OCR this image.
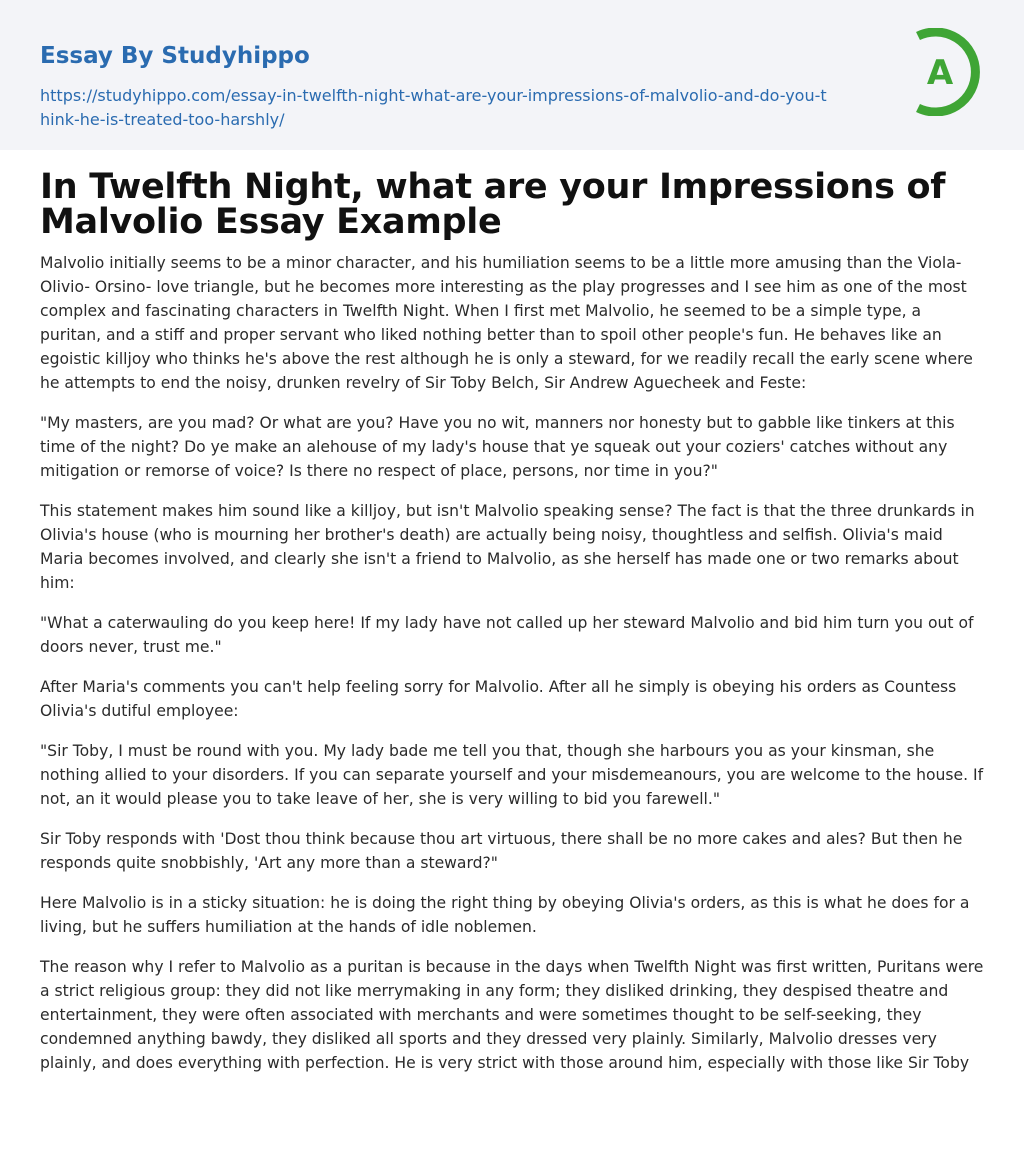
Essay By Studyhippo
https://studyhippo.com/essay-in-twelfth-night-what-are-your-impressions-of-malvolio-and-do-you-think-he-is-treated-too-harshly/
A
In Twelfth Night, what are your Impressions of Malvolio Essay Example

Malvolio initially seems to be a minor character, and his humiliation seems to be a little more amusing than the Viola- Olivio- Orsino- love triangle, but he becomes more interesting as the play progresses and I see him as one of the most complex and fascinating characters in Twelfth Night. When I first met Malvolio, he seemed to be a simple type, a puritan, and a stiff and proper servant who liked nothing better than to spoil other people's fun. He behaves like an egoistic killjoy who thinks he's above the rest although he is only a steward, for we readily recall the early scene where he attempts to end the noisy, drunken revelry of Sir Toby Belch, Sir Andrew Aguecheek and Feste:

"My masters, are you mad? Or what are you? Have you no wit, manners nor honesty but to gabble like tinkers at this time of the night? Do ye make an alehouse of my lady's house that ye squeak out your coziers' catches without any mitigation or remorse of voice? Is there no respect of place, persons, nor time in you?"

This statement makes him sound like a killjoy, but isn't Malvolio speaking sense? The fact is that the three drunkards in Olivia's house (who is mourning her brother's death) are actually being noisy, thoughtless and selfish. Olivia's maid Maria becomes involved, and clearly she isn't a friend to Malvolio, as she herself has made one or two remarks about him:

"What a caterwauling do you keep here! If my lady have not called up her steward Malvolio and bid him turn you out of doors never, trust me."

After Maria's comments you can't help feeling sorry for Malvolio. After all he simply is obeying his orders as Countess Olivia's dutiful employee:

"Sir Toby, I must be round with you. My lady bade me tell you that, though she harbours you as your kinsman, she nothing allied to your disorders. If you can separate yourself and your misdemeanours, you are welcome to the house. If not, an it would please you to take leave of her, she is very willing to bid you farewell."

Sir Toby responds with 'Dost thou think because thou art virtuous, there shall be no more cakes and ales? But then he responds quite snobbishly, 'Art any more than a steward?"

Here Malvolio is in a sticky situation: he is doing the right thing by obeying Olivia's orders, as this is what he does for a living, but he suffers humiliation at the hands of idle noblemen.

The reason why I refer to Malvolio as a puritan is because in the days when Twelfth Night was first written, Puritans were a strict religious group: they did not like merrymaking in any form; they disliked drinking, they despised theatre and entertainment, they were often associated with merchants and were sometimes thought to be self-seeking, they condemned anything bawdy, they disliked all sports and they dressed very plainly. Similarly, Malvolio dresses very plainly, and does everything with perfection. He is very strict with those around him, especially with those like Sir Toby
